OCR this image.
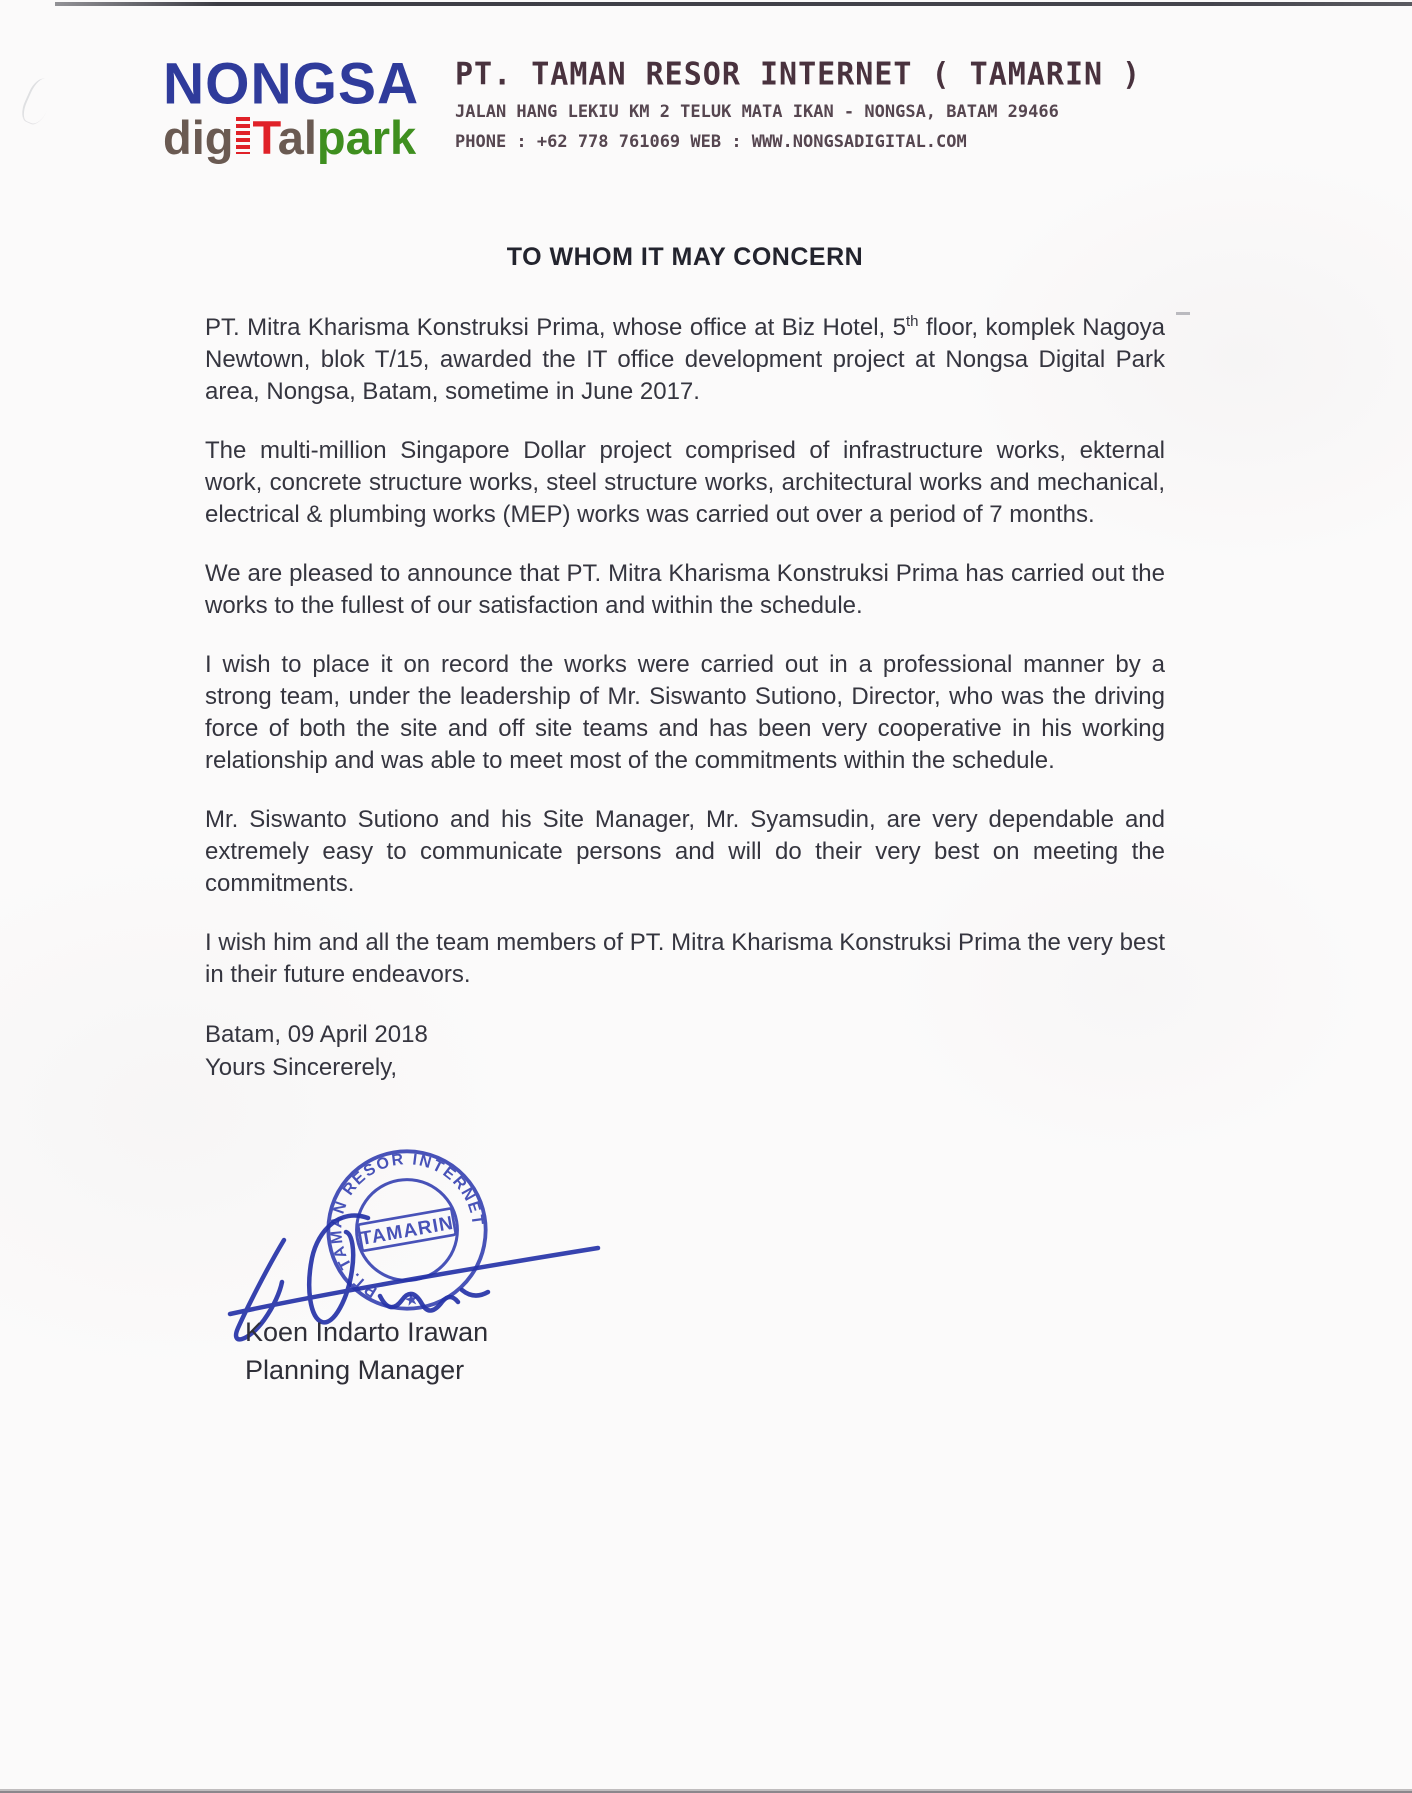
NONGSA
dig Talpark
PT. TAMAN RESOR INTERNET ( TAMARIN )
JALAN HANG LEKIU KM 2 TELUK MATA IKAN - NONGSA, BATAM 29466
PHONE : +62 778 761069 WEB : WWW.NONGSADIGITAL.COM
TO WHOM IT MAY CONCERN

PT. Mitra Kharisma Konstruksi Prima, whose office at Biz Hotel, 5th floor, komplek Nagoya Newtown, blok T/15, awarded the IT office development project at Nongsa Digital Park area, Nongsa, Batam, sometime in June 2017.

The multi-million Singapore Dollar project comprised of infrastructure works, ekternal work, concrete structure works, steel structure works, architectural works and mechanical, electrical & plumbing works (MEP) works was carried out over a period of 7 months.

We are pleased to announce that PT. Mitra Kharisma Konstruksi Prima has carried out the works to the fullest of our satisfaction and within the schedule.

I wish to place it on record the works were carried out in a professional manner by a strong team, under the leadership of Mr. Siswanto Sutiono, Director, who was the driving force of both the site and off site teams and has been very cooperative in his working relationship and was able to meet most of the commitments within the schedule.

Mr. Siswanto Sutiono and his Site Manager, Mr. Syamsudin, are very dependable and extremely easy to communicate persons and will do their very best on meeting the commitments.

I wish him and all the team members of PT. Mitra Kharisma Konstruksi Prima the very best in their future endeavors.

Batam, 09 April 2018
Yours Sincererely,
PT. TAMAN RESOR INTERNET
★
TAMARIN
Koen Indarto Irawan
Planning Manager
